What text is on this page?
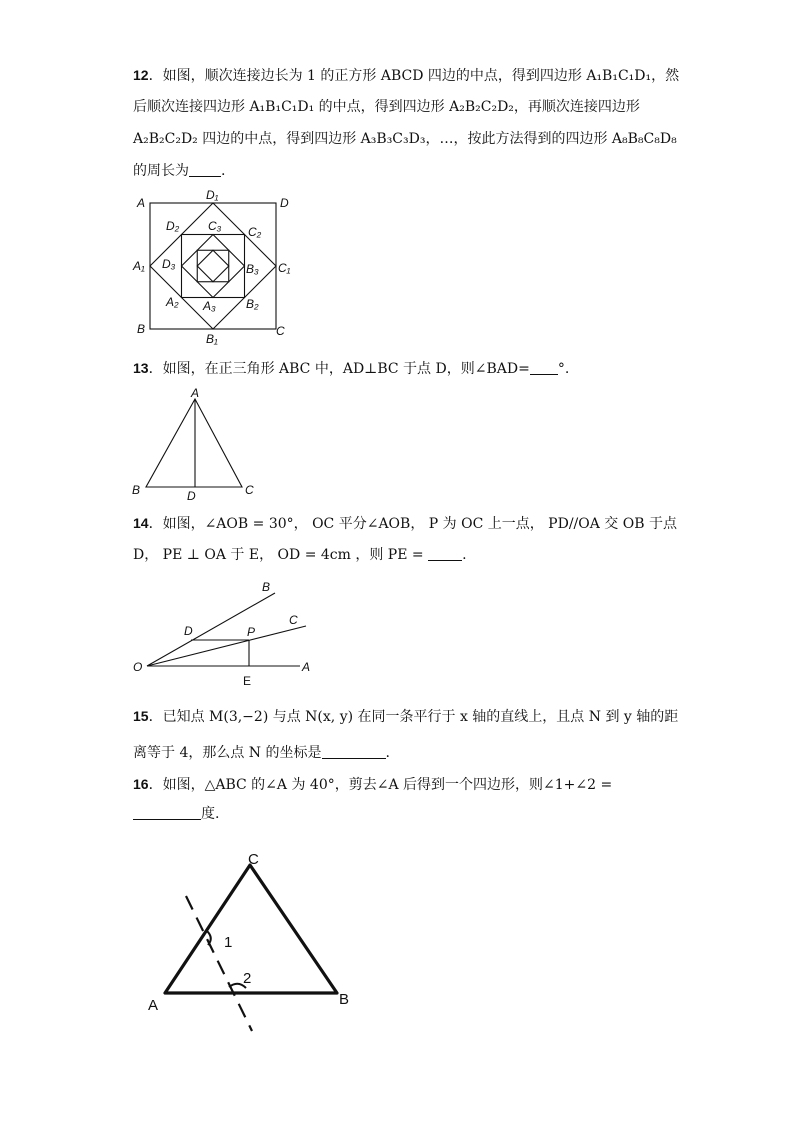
12．如图，顺次连接边长为 1 的正方形 ABCD 四边的中点，得到四边形 A₁B₁C₁D₁，然
后顺次连接四边形 A₁B₁C₁D₁ 的中点，得到四边形 A₂B₂C₂D₂，再顺次连接四边形
A₂B₂C₂D₂ 四边的中点，得到四边形 A₃B₃C₃D₃，…，按此方法得到的四边形 A₈B₈C₈D₈
的周长为 .
A	D
B	C
D₁
A₁	C₁
B₁
D₂	C₂
A₂	B₂
C₃
D₃	B₃
A₃
A
B	C
D
O	A
B
C
D	P
E
C
A	B
1
2
13．如图，在正三角形 ABC 中，AD⊥BC 于点 D，则∠BAD= °.
14．如图，∠AOB = 30°， OC 平分∠AOB， P 为 OC 上一点， PD//OA 交 OB 于点
D， PE ⊥ OA 于 E， OD = 4cm ，则 PE =	.
15．已知点 M(3,−2) 与点 N(x, y) 在同一条平行于 x 轴的直线上，且点 N 到 y 轴的距
离等于 4，那么点 N 的坐标是	.
16．如图，△ABC 的∠A 为 40°，剪去∠A 后得到一个四边形，则∠1+∠2 =
度.
